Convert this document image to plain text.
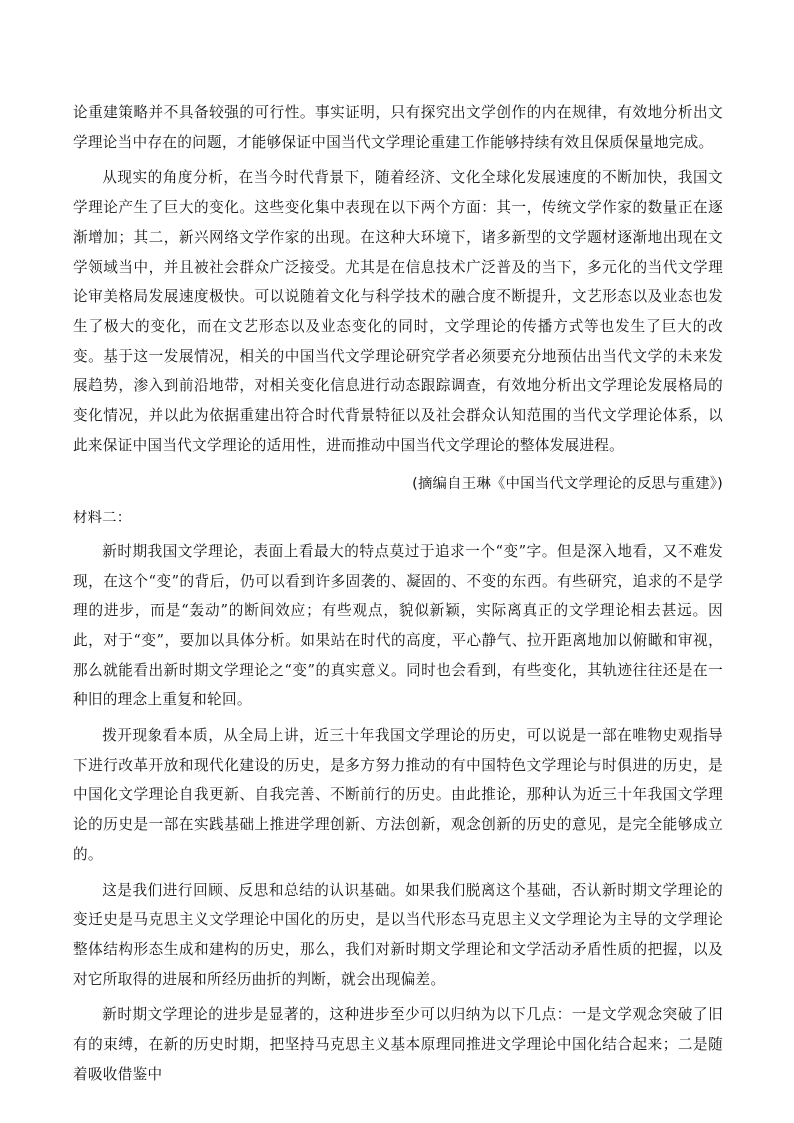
论重建策略并不具备较强的可行性。事实证明，只有探究出文学创作的内在规律，有效地分析出文学理论当中存在的问题，才能够保证中国当代文学理论重建工作能够持续有效且保质保量地完成。

从现实的角度分析，在当今时代背景下，随着经济、文化全球化发展速度的不断加快，我国文学理论产生了巨大的变化。这些变化集中表现在以下两个方面：其一，传统文学作家的数量正在逐渐增加；其二，新兴网络文学作家的出现。在这种大环境下，诸多新型的文学题材逐渐地出现在文学领域当中，并且被社会群众广泛接受。尤其是在信息技术广泛普及的当下，多元化的当代文学理论审美格局发展速度极快。可以说随着文化与科学技术的融合度不断提升，文艺形态以及业态也发生了极大的变化，而在文艺形态以及业态变化的同时，文学理论的传播方式等也发生了巨大的改变。基于这一发展情况，相关的中国当代文学理论研究学者必须要充分地预估出当代文学的未来发展趋势，渗入到前沿地带，对相关变化信息进行动态跟踪调查，有效地分析出文学理论发展格局的变化情况，并以此为依据重建出符合时代背景特征以及社会群众认知范围的当代文学理论体系，以此来保证中国当代文学理论的适用性，进而推动中国当代文学理论的整体发展进程。

(摘编自王琳《中国当代文学理论的反思与重建》)

材料二：

新时期我国文学理论，表面上看最大的特点莫过于追求一个“变”字。但是深入地看，又不难发现，在这个“变”的背后，仍可以看到许多固袭的、凝固的、不变的东西。有些研究，追求的不是学理的进步，而是“轰动”的断间效应；有些观点，貌似新颖，实际离真正的文学理论相去甚远。因此，对于“变”，要加以具体分析。如果站在时代的高度，平心静气、拉开距离地加以俯瞰和审视，那么就能看出新时期文学理论之“变”的真实意义。同时也会看到，有些变化，其轨迹往往还是在一种旧的理念上重复和轮回。

拨开现象看本质，从全局上讲，近三十年我国文学理论的历史，可以说是一部在唯物史观指导下进行改革开放和现代化建设的历史，是多方努力推动的有中国特色文学理论与时俱进的历史，是中国化文学理论自我更新、自我完善、不断前行的历史。由此推论，那种认为近三十年我国文学理论的历史是一部在实践基础上推进学理创新、方法创新，观念创新的历史的意见，是完全能够成立的。

这是我们进行回顾、反思和总结的认识基础。如果我们脱离这个基础，否认新时期文学理论的变迁史是马克思主义文学理论中国化的历史，是以当代形态马克思主义文学理论为主导的文学理论整体结构形态生成和建构的历史，那么，我们对新时期文学理论和文学活动矛盾性质的把握，以及对它所取得的进展和所经历曲折的判断，就会出现偏差。

新时期文学理论的进步是显著的，这种进步至少可以归纳为以下几点：一是文学观念突破了旧有的束缚，在新的历史时期，把坚持马克思主义基本原理同推进文学理论中国化结合起来；二是随着吸收借鉴中
